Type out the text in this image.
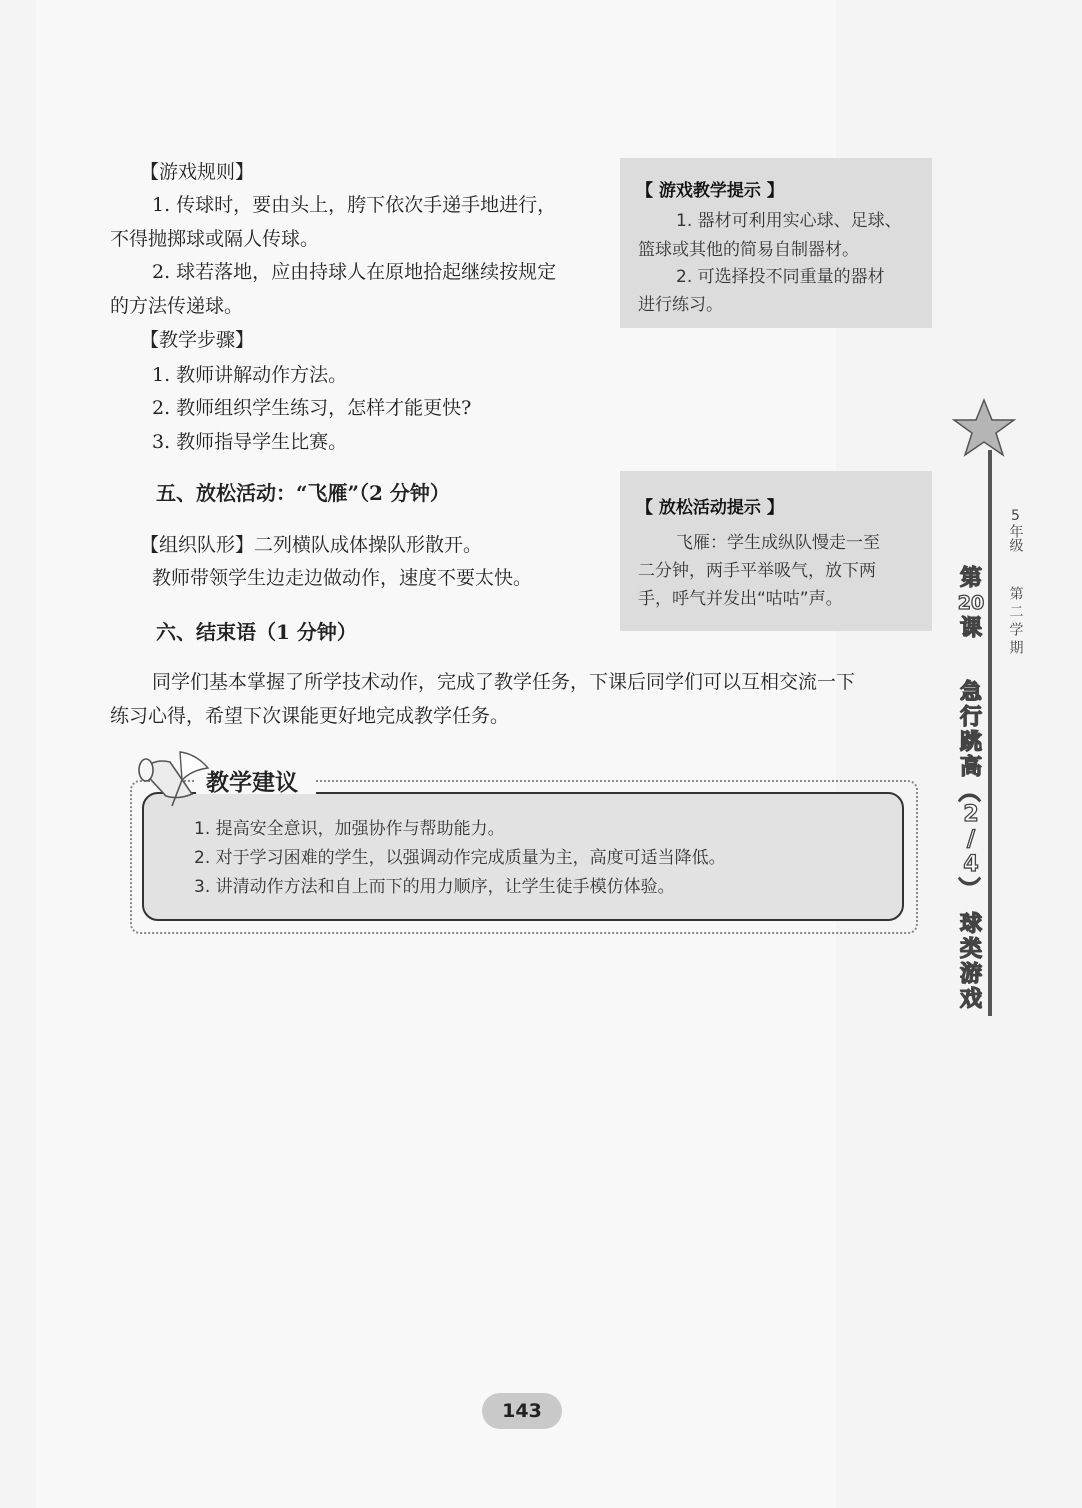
【游戏规则】
1. 传球时，要由头上，胯下依次手递手地进行，
不得抛掷球或隔人传球。
2. 球若落地，应由持球人在原地拾起继续按规定
的方法传递球。
【教学步骤】
1. 教师讲解动作方法。
2. 教师组织学生练习，怎样才能更快?
3. 教师指导学生比赛。
五、放松活动：“飞雁”（2 分钟）
【组织队形】二列横队成体操队形散开。
教师带领学生边走边做动作，速度不要太快。
六、结束语（1 分钟）
同学们基本掌握了所学技术动作，完成了教学任务，下课后同学们可以互相交流一下
练习心得，希望下次课能更好地完成教学任务。
【 游戏教学提示 】
1. 器材可利用实心球、足球、
篮球或其他的简易自制器材。
2. 可选择投不同重量的器材
进行练习。
【 放松活动提示 】
飞雁：学生成纵队慢走一至
二分钟，两手平举吸气，放下两
手，呼气并发出“咕咕”声。
教学建议
1. 提高安全意识，加强协作与帮助能力。
2. 对于学习困难的学生，以强调动作完成质量为主，高度可适当降低。
3. 讲清动作方法和自上而下的用力顺序，让学生徒手模仿体验。
5年级
第二学期
第
20
课
急
行
跳
高
（
2
/
4
）
球
类
游
戏
143
